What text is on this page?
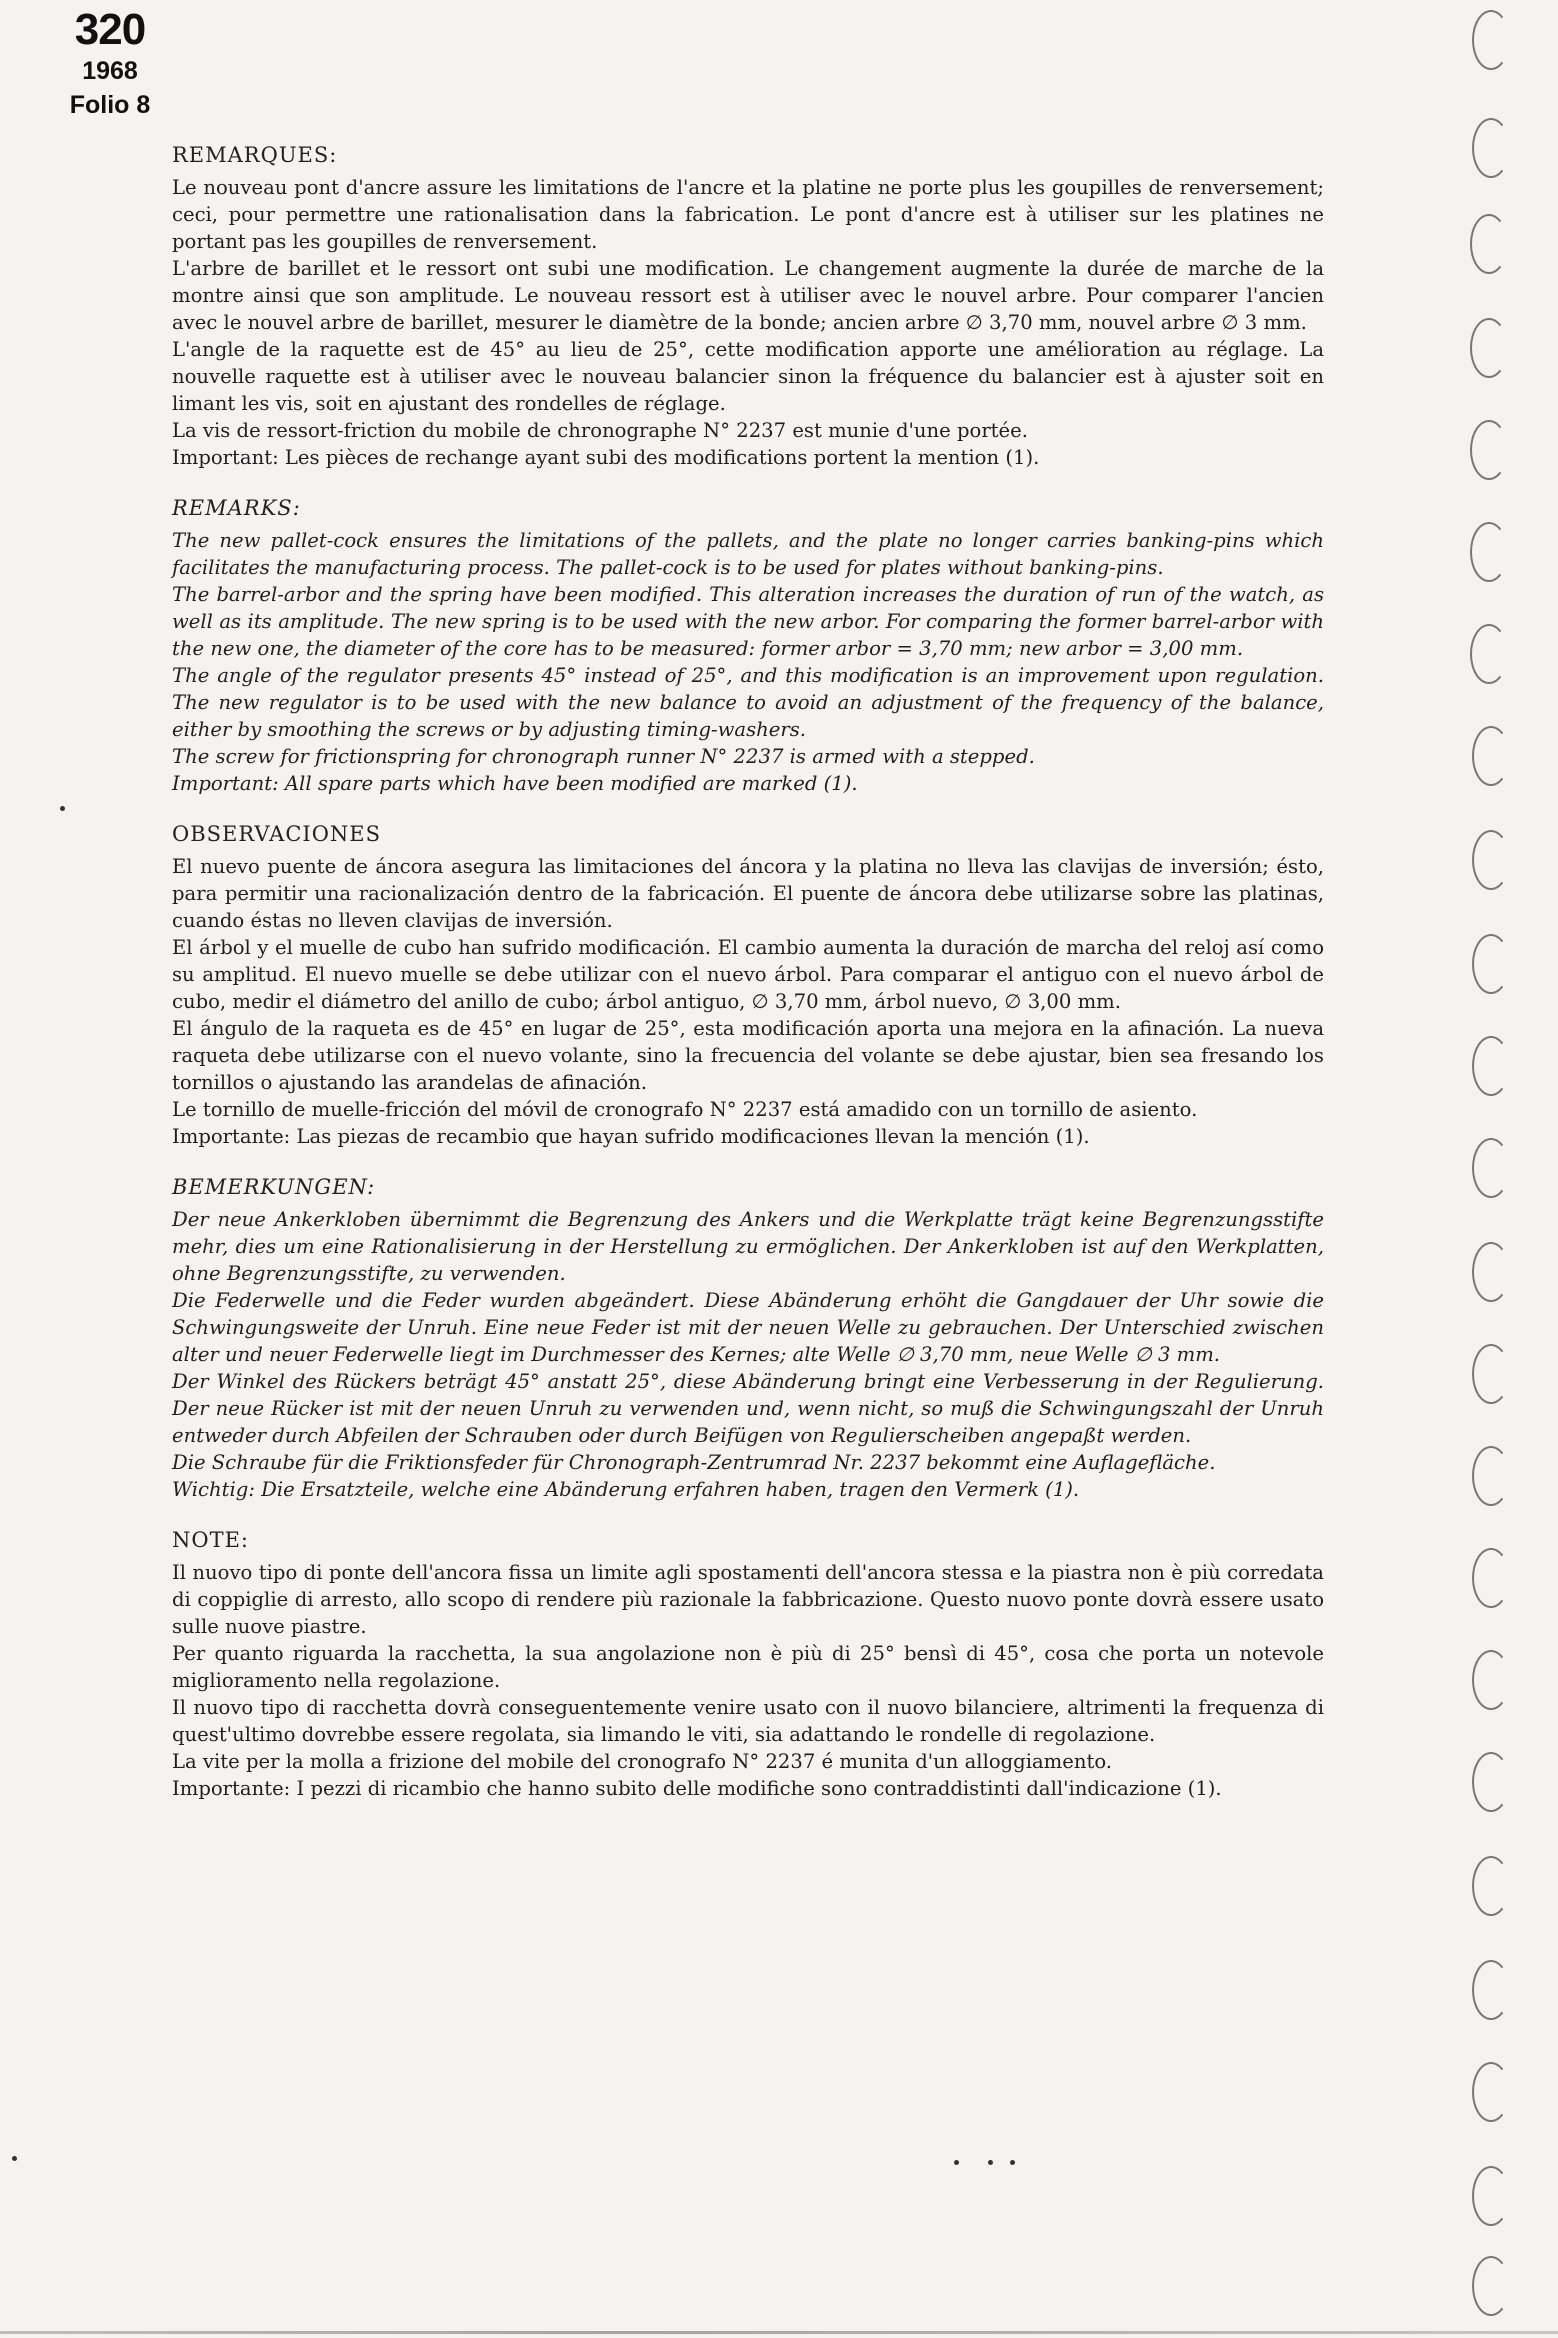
320
1968
Folio 8
REMARQUES:

Le nouveau pont d'ancre assure les limitations de l'ancre et la platine ne porte plus les goupilles de renversement; ceci, pour permettre une rationalisation dans la fabrication. Le pont d'ancre est à utiliser sur les platines ne portant pas les goupilles de renversement.

L'arbre de barillet et le ressort ont subi une modification. Le changement augmente la durée de marche de la montre ainsi que son amplitude. Le nouveau ressort est à utiliser avec le nouvel arbre. Pour comparer l'ancien avec le nouvel arbre de barillet, mesurer le diamètre de la bonde; ancien arbre ∅ 3,70 mm, nouvel arbre ∅ 3 mm.

L'angle de la raquette est de 45° au lieu de 25°, cette modification apporte une amélioration au réglage. La nouvelle raquette est à utiliser avec le nouveau balancier sinon la fréquence du balancier est à ajuster soit en limant les vis, soit en ajustant des rondelles de réglage.

La vis de ressort-friction du mobile de chronographe N° 2237 est munie d'une portée.

Important: Les pièces de rechange ayant subi des modifications portent la mention (1).

REMARKS:

The new pallet-cock ensures the limitations of the pallets, and the plate no longer carries banking-pins which facilitates the manufacturing process. The pallet-cock is to be used for plates without banking-pins.

The barrel-arbor and the spring have been modified. This alteration increases the duration of run of the watch, as well as its amplitude. The new spring is to be used with the new arbor. For comparing the former barrel-arbor with the new one, the diameter of the core has to be measured: former arbor = 3,70 mm; new arbor = 3,00 mm.

The angle of the regulator presents 45° instead of 25°, and this modification is an improvement upon regulation. The new regulator is to be used with the new balance to avoid an adjustment of the frequency of the balance, either by smoothing the screws or by adjusting timing-washers.

The screw for frictionspring for chronograph runner N° 2237 is armed with a stepped.

Important: All spare parts which have been modified are marked (1).

OBSERVACIONES

El nuevo puente de áncora asegura las limitaciones del áncora y la platina no lleva las clavijas de inversión; ésto, para permitir una racionalización dentro de la fabricación. El puente de áncora debe utilizarse sobre las platinas, cuando éstas no lleven clavijas de inversión.

El árbol y el muelle de cubo han sufrido modificación. El cambio aumenta la duración de marcha del reloj así como su amplitud. El nuevo muelle se debe utilizar con el nuevo árbol. Para comparar el antiguo con el nuevo árbol de cubo, medir el diámetro del anillo de cubo; árbol antiguo, ∅ 3,70 mm, árbol nuevo, ∅ 3,00 mm.

El ángulo de la raqueta es de 45° en lugar de 25°, esta modificación aporta una mejora en la afinación. La nueva raqueta debe utilizarse con el nuevo volante, sino la frecuencia del volante se debe ajustar, bien sea fresando los tornillos o ajustando las arandelas de afinación.

Le tornillo de muelle-fricción del móvil de cronografo N° 2237 está amadido con un tornillo de asiento.

Importante: Las piezas de recambio que hayan sufrido modificaciones llevan la mención (1).

BEMERKUNGEN:

Der neue Ankerkloben übernimmt die Begrenzung des Ankers und die Werkplatte trägt keine Begrenzungsstifte mehr, dies um eine Rationalisierung in der Herstellung zu ermöglichen. Der Ankerkloben ist auf den Werkplatten, ohne Begrenzungsstifte, zu verwenden.

Die Federwelle und die Feder wurden abgeändert. Diese Abänderung erhöht die Gangdauer der Uhr sowie die Schwingungsweite der Unruh. Eine neue Feder ist mit der neuen Welle zu gebrauchen. Der Unterschied zwischen alter und neuer Federwelle liegt im Durchmesser des Kernes; alte Welle ∅ 3,70 mm, neue Welle ∅ 3 mm.

Der Winkel des Rückers beträgt 45° anstatt 25°, diese Abänderung bringt eine Verbesserung in der Regulierung. Der neue Rücker ist mit der neuen Unruh zu verwenden und, wenn nicht, so muß die Schwingungszahl der Unruh entweder durch Abfeilen der Schrauben oder durch Beifügen von Regulierscheiben angepaßt werden.

Die Schraube für die Friktionsfeder für Chronograph-Zentrumrad Nr. 2237 bekommt eine Auflagefläche.

Wichtig: Die Ersatzteile, welche eine Abänderung erfahren haben, tragen den Vermerk (1).

NOTE:

Il nuovo tipo di ponte dell'ancora fissa un limite agli spostamenti dell'ancora stessa e la piastra non è più corredata di coppiglie di arresto, allo scopo di rendere più razionale la fabbricazione. Questo nuovo ponte dovrà essere usato sulle nuove piastre.

Per quanto riguarda la racchetta, la sua angolazione non è più di 25° bensì di 45°, cosa che porta un notevole miglioramento nella regolazione.

Il nuovo tipo di racchetta dovrà conseguentemente venire usato con il nuovo bilanciere, altrimenti la frequenza di quest'ultimo dovrebbe essere regolata, sia limando le viti, sia adattando le rondelle di regolazione.

La vite per la molla a frizione del mobile del cronografo N° 2237 é munita d'un alloggiamento.

Importante: I pezzi di ricambio che hanno subito delle modifiche sono contraddistinti dall'indicazione (1).
